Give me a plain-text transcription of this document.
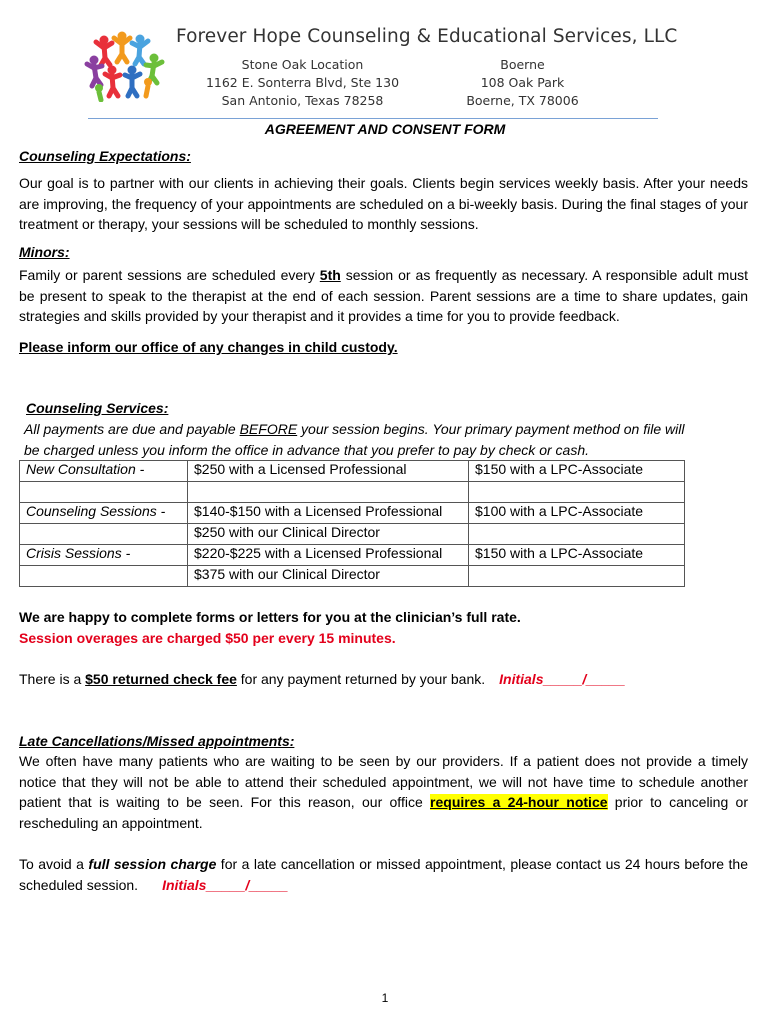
Forever Hope Counseling & Educational Services, LLC
Stone Oak Location
1162 E. Sonterra Blvd, Ste 130
San Antonio, Texas 78258
Boerne
108 Oak Park
Boerne, TX 78006
AGREEMENT AND CONSENT FORM
Counseling Expectations:
Our goal is to partner with our clients in achieving their goals. Clients begin services weekly basis. After your needs are improving, the frequency of your appointments are scheduled on a bi-weekly basis. During the final stages of your treatment or therapy, your sessions will be scheduled to monthly sessions.
Minors:
Family or parent sessions are scheduled every 5th session or as frequently as necessary. A responsible adult must be present to speak to the therapist at the end of each session. Parent sessions are a time to share updates, gain strategies and skills provided by your therapist and it provides a time for you to provide feedback.
Please inform our office of any changes in child custody.
Counseling Services:
All payments are due and payable BEFORE your session begins. Your primary payment method on file will be charged unless you inform the office in advance that you prefer to pay by check or cash.
New Consultation -	$250 with a Licensed Professional	$150 with a LPC-Associate

Counseling Sessions -	$140-$150 with a Licensed Professional	$100 with a LPC-Associate
	$250 with our Clinical Director	
Crisis Sessions -	$220-$225 with a Licensed Professional	$150 with a LPC-Associate
	$375 with our Clinical Director	
We are happy to complete forms or letters for you at the clinician’s full rate.
Session overages are charged $50 per every 15 minutes.
There is a $50 returned check fee for any payment returned by your bank. Initials_____/_____
Late Cancellations/Missed appointments:
We often have many patients who are waiting to be seen by our providers. If a patient does not provide a timely notice that they will not be able to attend their scheduled appointment, we will not have time to schedule another patient that is waiting to be seen. For this reason, our office requires a 24-hour notice prior to canceling or rescheduling an appointment.
To avoid a full session charge for a late cancellation or missed appointment, please contact us 24 hours before the scheduled session. Initials_____/_____
1
